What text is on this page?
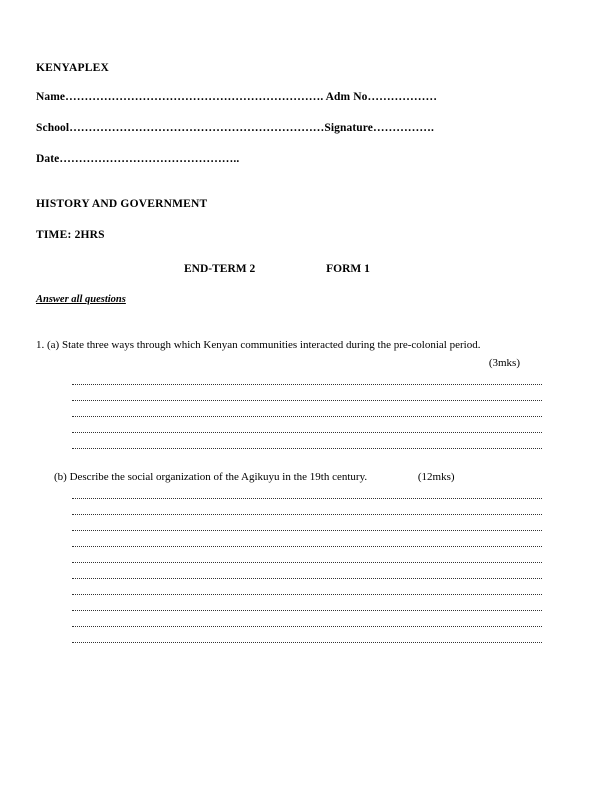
KENYAPLEX
Name…………………………………………………………. Adm No………………
School…………………………………………………………Signature…………….
Date………………………………………..
HISTORY AND GOVERNMENT
TIME: 2HRS
END-TERM 2	FORM 1
Answer all questions
1. (a) State three ways through which Kenyan communities interacted during the pre-colonial period.
(3mks)
(b) Describe the social organization of the Agikuyu in the 19th century.	(12mks)
